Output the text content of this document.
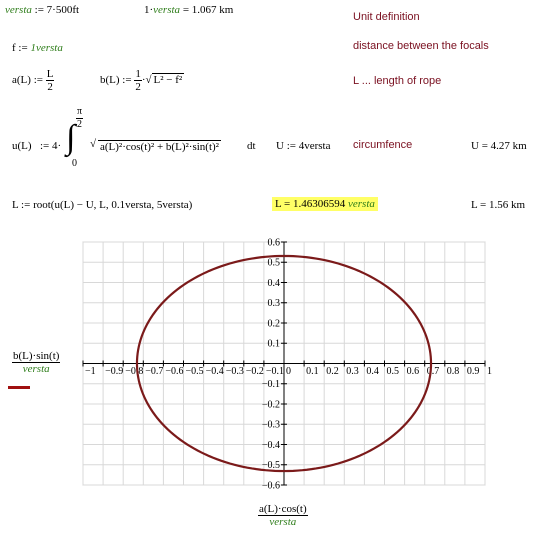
versta := 7·500ft	1·versta = 1.067 km
Unit definition
f := 1versta	distance between the focals
a(L) := $\frac{L}{2}$	b(L) := $\frac{1}{2}$ ·√ L² − f²	L ... length of rope
u(L) := 4· ∫
$\frac{\pi}{2}$
0
√ a(L)²·cos(t)² + b(L)²·sin(t)²	dt U := 4versta circumfence	U = 4.27 km
L := root(u(L) − U, L, 0.1versta, 5versta)	L = 1.46306594 versta	L = 1.56 km
$\frac{b(L)\cdot\sin(t)}{\text{versta}}$
$\frac{a(L)\cdot\cos(t)}{\text{versta}}$
−1 −0.9 −0.8 −0.7 −0.6 −0.5 −0.4 −0.3 −0.2 −0.1 0 0.1 0.2 0.3 0.4 0.5 0.6 0.7 0.8 0.9 1
0.6
0.5
0.4
0.3
0.2
0.1
−0.1
−0.2
−0.3
−0.4
−0.5
−0.6
